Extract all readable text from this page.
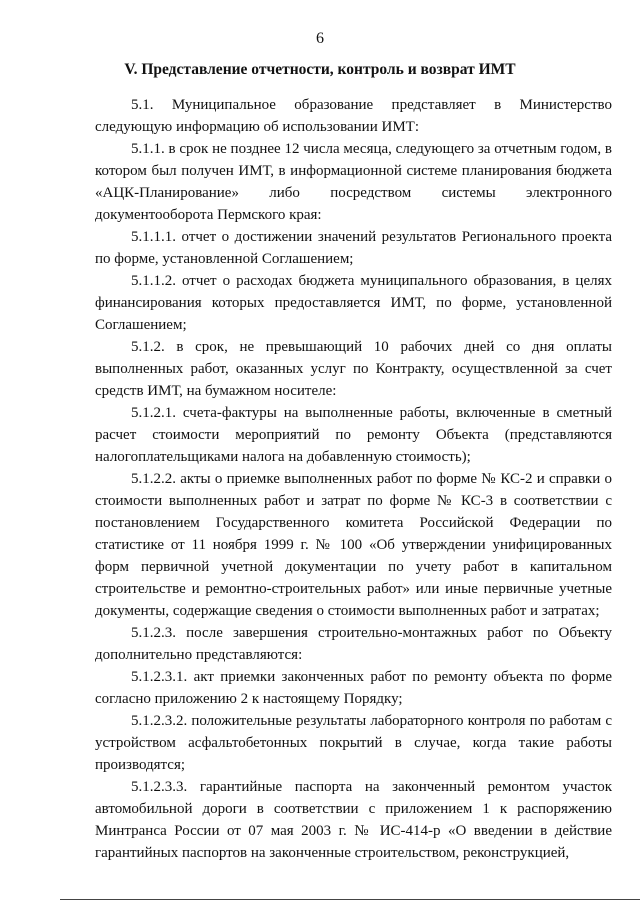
6
V. Представление отчетности, контроль и возврат ИМТ

5.1. Муниципальное образование представляет в Министерство следующую информацию об использовании ИМТ:

5.1.1. в срок не позднее 12 числа месяца, следующего за отчетным годом, в котором был получен ИМТ, в информационной системе планирования бюджета «АЦК-Планирование» либо посредством системы электронного документооборота Пермского края:

5.1.1.1. отчет о достижении значений результатов Регионального проекта по форме, установленной Соглашением;

5.1.1.2. отчет о расходах бюджета муниципального образования, в целях финансирования которых предоставляется ИМТ, по форме, установленной Соглашением;

5.1.2. в срок, не превышающий 10 рабочих дней со дня оплаты выполненных работ, оказанных услуг по Контракту, осуществленной за счет средств ИМТ, на бумажном носителе:

5.1.2.1. счета-фактуры на выполненные работы, включенные в сметный расчет стоимости мероприятий по ремонту Объекта (представляются налогоплательщиками налога на добавленную стоимость);

5.1.2.2. акты о приемке выполненных работ по форме № КС-2 и справки о стоимости выполненных работ и затрат по форме № КС-3 в соответствии с постановлением Государственного комитета Российской Федерации по статистике от 11 ноября 1999 г. № 100 «Об утверждении унифицированных форм первичной учетной документации по учету работ в капитальном строительстве и ремонтно-строительных работ» или иные первичные учетные документы, содержащие сведения о стоимости выполненных работ и затратах;

5.1.2.3. после завершения строительно-монтажных работ по Объекту дополнительно представляются:

5.1.2.3.1. акт приемки законченных работ по ремонту объекта по форме согласно приложению 2 к настоящему Порядку;

5.1.2.3.2. положительные результаты лабораторного контроля по работам с устройством асфальтобетонных покрытий в случае, когда такие работы производятся;

5.1.2.3.3. гарантийные паспорта на законченный ремонтом участок автомобильной дороги в соответствии с приложением 1 к распоряжению Минтранса России от 07 мая 2003 г. № ИС-414-р «О введении в действие гарантийных паспортов на законченные строительством, реконструкцией,
